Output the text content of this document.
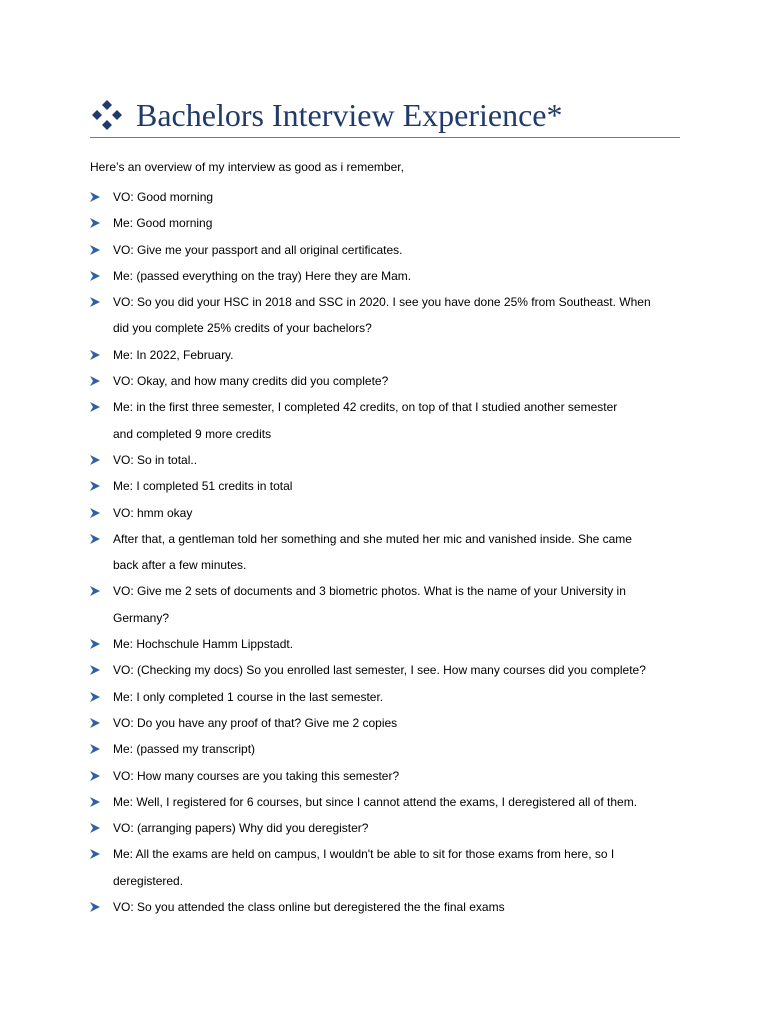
Bachelors Interview Experience*
Here’s an overview of my interview as good as i remember,
VO: Good morning
Me: Good morning
VO: Give me your passport and all original certificates.
Me: (passed everything on the tray) Here they are Mam.
VO: So you did your HSC in 2018 and SSC in 2020. I see you have done 25% from Southeast. When
did you complete 25% credits of your bachelors?
Me: In 2022, February.
VO: Okay, and how many credits did you complete?
Me: in the first three semester, I completed 42 credits, on top of that I studied another semester
and completed 9 more credits
VO: So in total..
Me: I completed 51 credits in total
VO: hmm okay
After that, a gentleman told her something and she muted her mic and vanished inside. She came
back after a few minutes.
VO: Give me 2 sets of documents and 3 biometric photos. What is the name of your University in
Germany?
Me: Hochschule Hamm Lippstadt.
VO: (Checking my docs) So you enrolled last semester, I see. How many courses did you complete?
Me: I only completed 1 course in the last semester.
VO: Do you have any proof of that? Give me 2 copies
Me: (passed my transcript)
VO: How many courses are you taking this semester?
Me: Well, I registered for 6 courses, but since I cannot attend the exams, I deregistered all of them.
VO: (arranging papers) Why did you deregister?
Me: All the exams are held on campus, I wouldn't be able to sit for those exams from here, so I
deregistered.
VO: So you attended the class online but deregistered the the final exams
